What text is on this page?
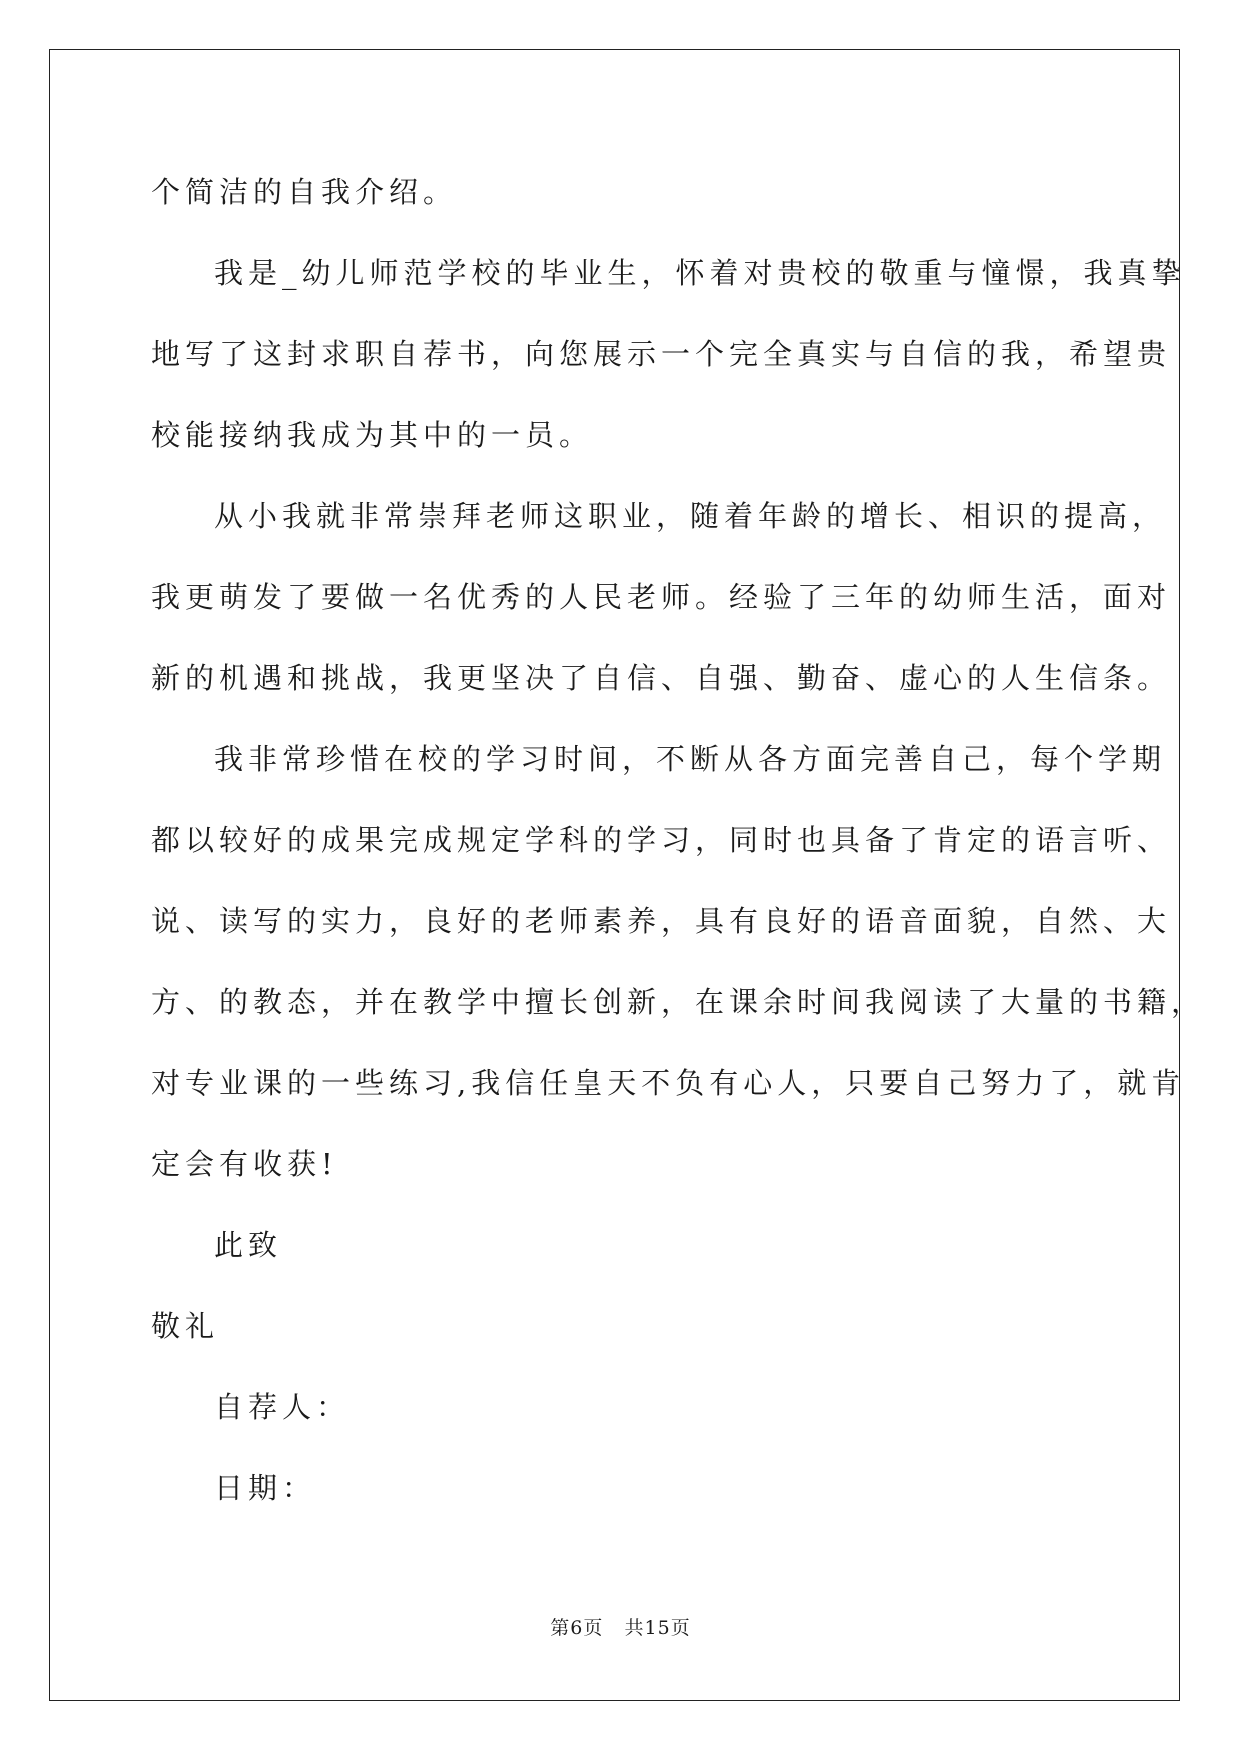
个简洁的自我介绍。
我是_幼儿师范学校的毕业生，怀着对贵校的敬重与憧憬，我真挚
地写了这封求职自荐书，向您展示一个完全真实与自信的我，希望贵
校能接纳我成为其中的一员。
从小我就非常崇拜老师这职业，随着年龄的增长、相识的提高，
我更萌发了要做一名优秀的人民老师。经验了三年的幼师生活，面对
新的机遇和挑战，我更坚决了自信、自强、勤奋、虚心的人生信条。
我非常珍惜在校的学习时间，不断从各方面完善自己，每个学期
都以较好的成果完成规定学科的学习，同时也具备了肯定的语言听、
说、读写的实力，良好的老师素养，具有良好的语音面貌，自然、大
方、的教态，并在教学中擅长创新，在课余时间我阅读了大量的书籍，
对专业课的一些练习,我信任皇天不负有心人，只要自己努力了，就肯
定会有收获!
此致
敬礼
自荐人：
日期：
第6页 共15页
